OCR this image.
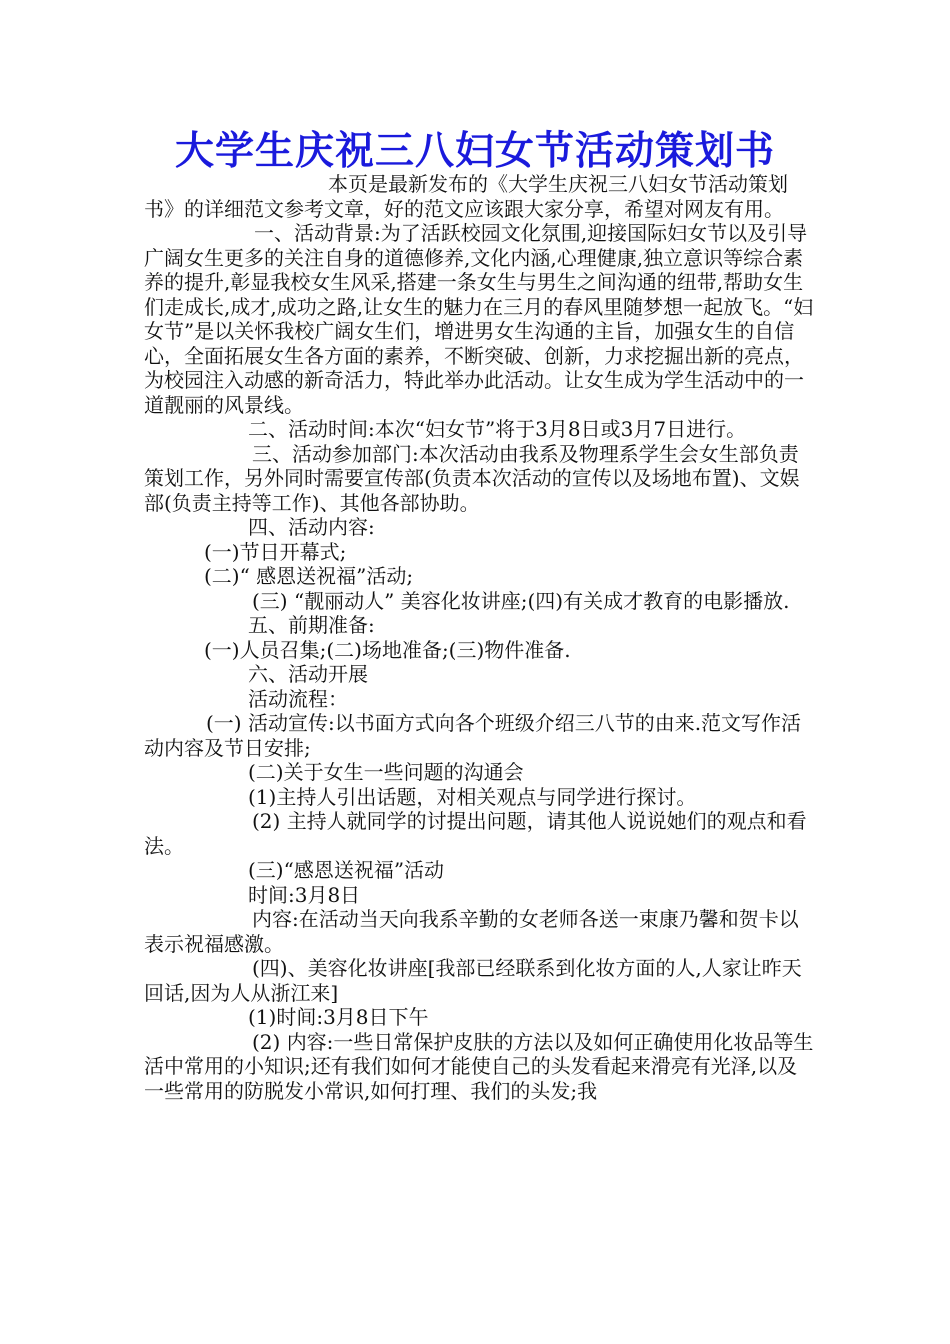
大学生庆祝三八妇女节活动策划书

本页是最新发布的《大学生庆祝三八妇女节活动策划书》的详细范文参考文章，好的范文应该跟大家分享，希望对网友有用。

一、活动背景:为了活跃校园文化氛围,迎接国际妇女节以及引导广阔女生更多的关注自身的道德修养,文化内涵,心理健康,独立意识等综合素养的提升,彰显我校女生风采,搭建一条女生与男生之间沟通的纽带,帮助女生们走成长,成才,成功之路,让女生的魅力在三月的春风里随梦想一起放飞。“妇女节”是以关怀我校广阔女生们，增进男女生沟通的主旨，加强女生的自信心，全面拓展女生各方面的素养，不断突破、创新，力求挖掘出新的亮点，为校园注入动感的新奇活力，特此举办此活动。让女生成为学生活动中的一道靓丽的风景线。

二、活动时间:本次“妇女节”将于3月8日或3月7日进行。

三、活动参加部门:本次活动由我系及物理系学生会女生部负责策划工作，另外同时需要宣传部(负责本次活动的宣传以及场地布置)、文娱部(负责主持等工作)、其他各部协助。

四、活动内容:

(一)节日开幕式;

(二)“ 感恩送祝福”活动;

(三) “靓丽动人” 美容化妆讲座;(四)有关成才教育的电影播放.

五、前期准备:

(一)人员召集;(二)场地准备;(三)物件准备.

六、活动开展

活动流程：

(一) 活动宣传:以书面方式向各个班级介绍三八节的由来.范文写作活动内容及节日安排;

(二)关于女生一些问题的沟通会

(1)主持人引出话题，对相关观点与同学进行探讨。

(2) 主持人就同学的讨提出问题，请其他人说说她们的观点和看法。

(三)“感恩送祝福”活动

时间:3月8日

内容:在活动当天向我系辛勤的女老师各送一束康乃馨和贺卡以表示祝福感激。

(四)、美容化妆讲座[我部已经联系到化妆方面的人,人家让昨天回话,因为人从浙江来]

(1)时间:3月8日下午

(2) 内容:一些日常保护皮肤的方法以及如何正确使用化妆品等生活中常用的小知识;还有我们如何才能使自己的头发看起来滑亮有光泽,以及一些常用的防脱发小常识,如何打理、我们的头发;我
